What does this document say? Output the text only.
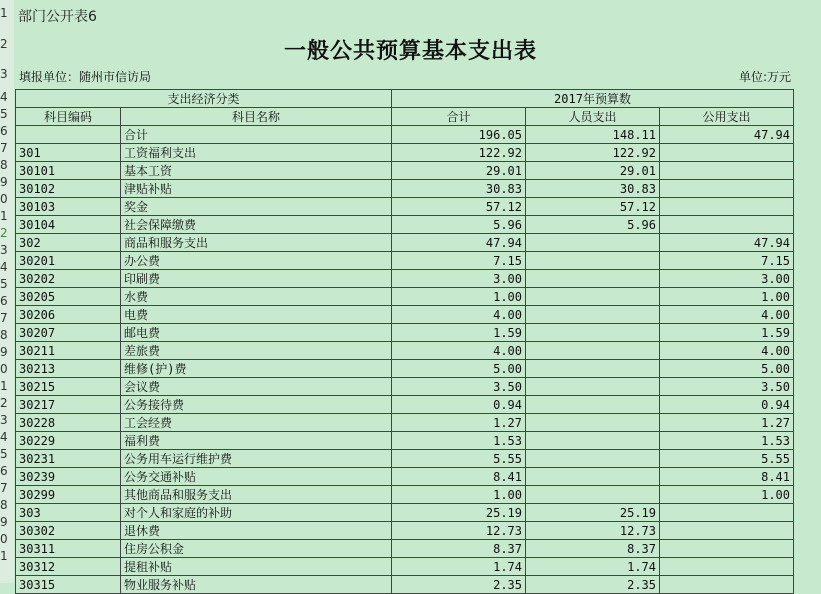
1
2
3
4
5
6
7
8
9
0
1
2
3
4
5
6
7
8
9
0
1
2
3
4
5
6
7
8
9
0
1
部门公开表6
一般公共预算基本支出表
填报单位：随州市信访局	单位:万元
支出经济分类		2017年预算数		
科目编码	科目名称	合计	人员支出	公用支出
	合计	196.05	148.11	47.94
301	工资福利支出	122.92	122.92	
30101	基本工资	29.01	29.01	
30102	津贴补贴	30.83	30.83	
30103	奖金	57.12	57.12	
30104	社会保障缴费	5.96	5.96	
302	商品和服务支出	47.94		47.94
30201	办公费	7.15		7.15
30202	印刷费	3.00		3.00
30205	水费	1.00		1.00
30206	电费	4.00		4.00
30207	邮电费	1.59		1.59
30211	差旅费	4.00		4.00
30213	维修(护)费	5.00		5.00
30215	会议费	3.50		3.50
30217	公务接待费	0.94		0.94
30228	工会经费	1.27		1.27
30229	福利费	1.53		1.53
30231	公务用车运行维护费	5.55		5.55
30239	公务交通补贴	8.41		8.41
30299	其他商品和服务支出	1.00		1.00
303	对个人和家庭的补助	25.19	25.19	
30302	退休费	12.73	12.73	
30311	住房公积金	8.37	8.37	
30312	提租补贴	1.74	1.74	
30315	物业服务补贴	2.35	2.35	
